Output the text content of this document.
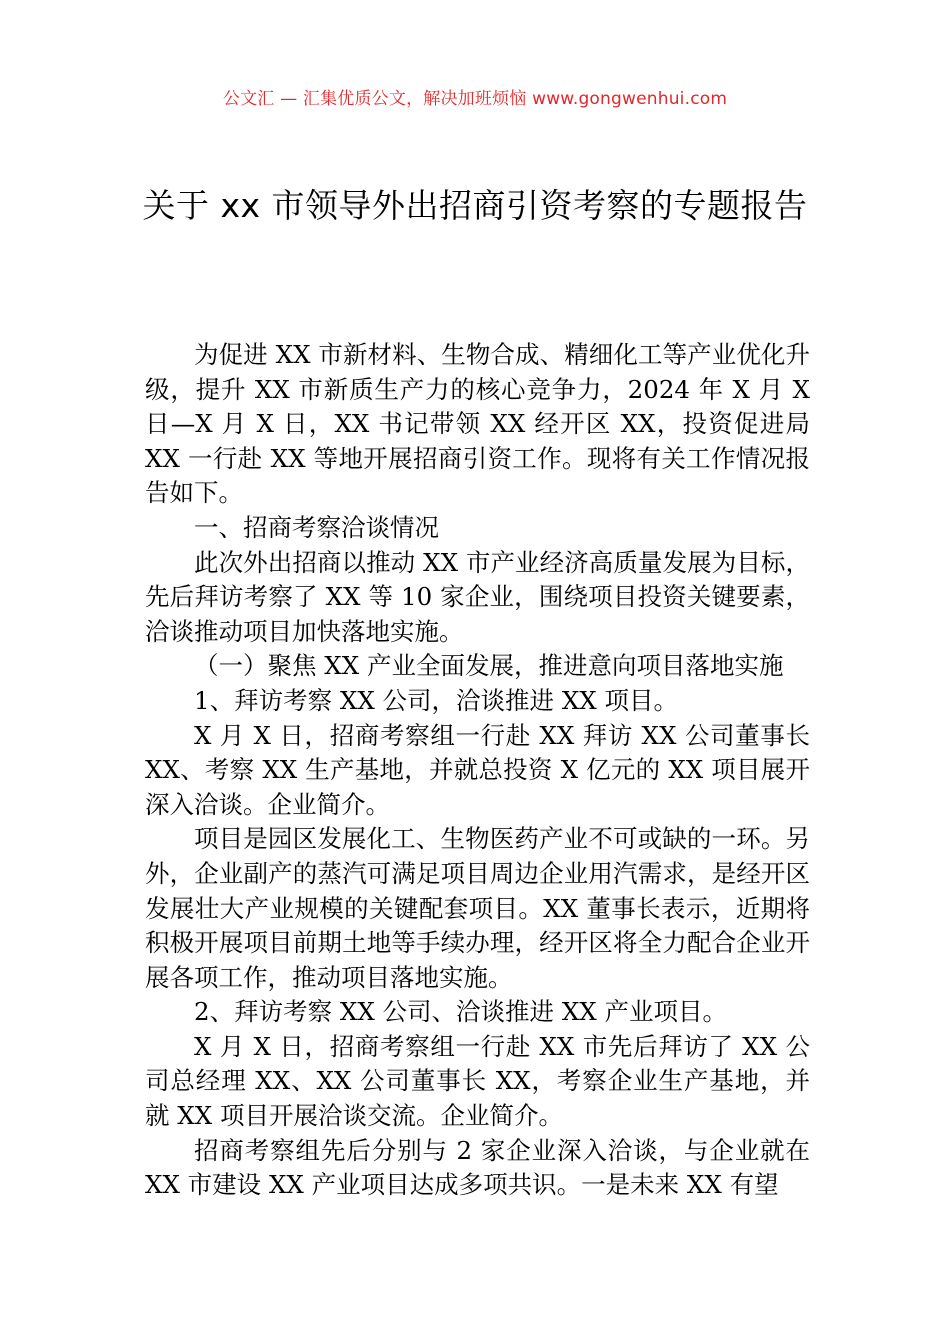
公文汇 — 汇集优质公文，解决加班烦恼 www.gongwenhui.com
关于 xx 市领导外出招商引资考察的专题报告

为促进 XX 市新材料、生物合成、精细化工等产业优化升级，提升 XX 市新质生产力的核心竞争力，2024 年 X 月 X 日—X 月 X 日，XX 书记带领 XX 经开区 XX，投资促进局 XX 一行赴 XX 等地开展招商引资工作。现将有关工作情况报告如下。

一、招商考察洽谈情况

此次外出招商以推动 XX 市产业经济高质量发展为目标，先后拜访考察了 XX 等 10 家企业，围绕项目投资关键要素，洽谈推动项目加快落地实施。

（一）聚焦 XX 产业全面发展，推进意向项目落地实施

1、拜访考察 XX 公司，洽谈推进 XX 项目。

X 月 X 日，招商考察组一行赴 XX 拜访 XX 公司董事长 XX、考察 XX 生产基地，并就总投资 X 亿元的 XX 项目展开深入洽谈。企业简介。

项目是园区发展化工、生物医药产业不可或缺的一环。另外，企业副产的蒸汽可满足项目周边企业用汽需求，是经开区发展壮大产业规模的关键配套项目。XX 董事长表示，近期将积极开展项目前期土地等手续办理，经开区将全力配合企业开展各项工作，推动项目落地实施。

2、拜访考察 XX 公司、洽谈推进 XX 产业项目。

X 月 X 日，招商考察组一行赴 XX 市先后拜访了 XX 公司总经理 XX、XX 公司董事长 XX，考察企业生产基地，并就 XX 项目开展洽谈交流。企业简介。

招商考察组先后分别与 2 家企业深入洽谈，与企业就在 XX 市建设 XX 产业项目达成多项共识。一是未来 XX 有望
